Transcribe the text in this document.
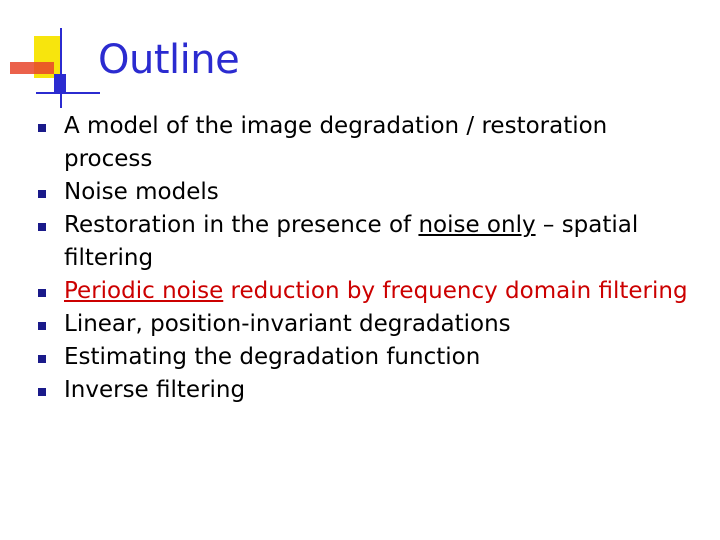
Outline
A model of the image degradation / restoration process
Noise models
Restoration in the presence of noise only – spatial filtering
Periodic noise reduction by frequency domain filtering
Linear, position-invariant degradations
Estimating the degradation function
Inverse filtering
